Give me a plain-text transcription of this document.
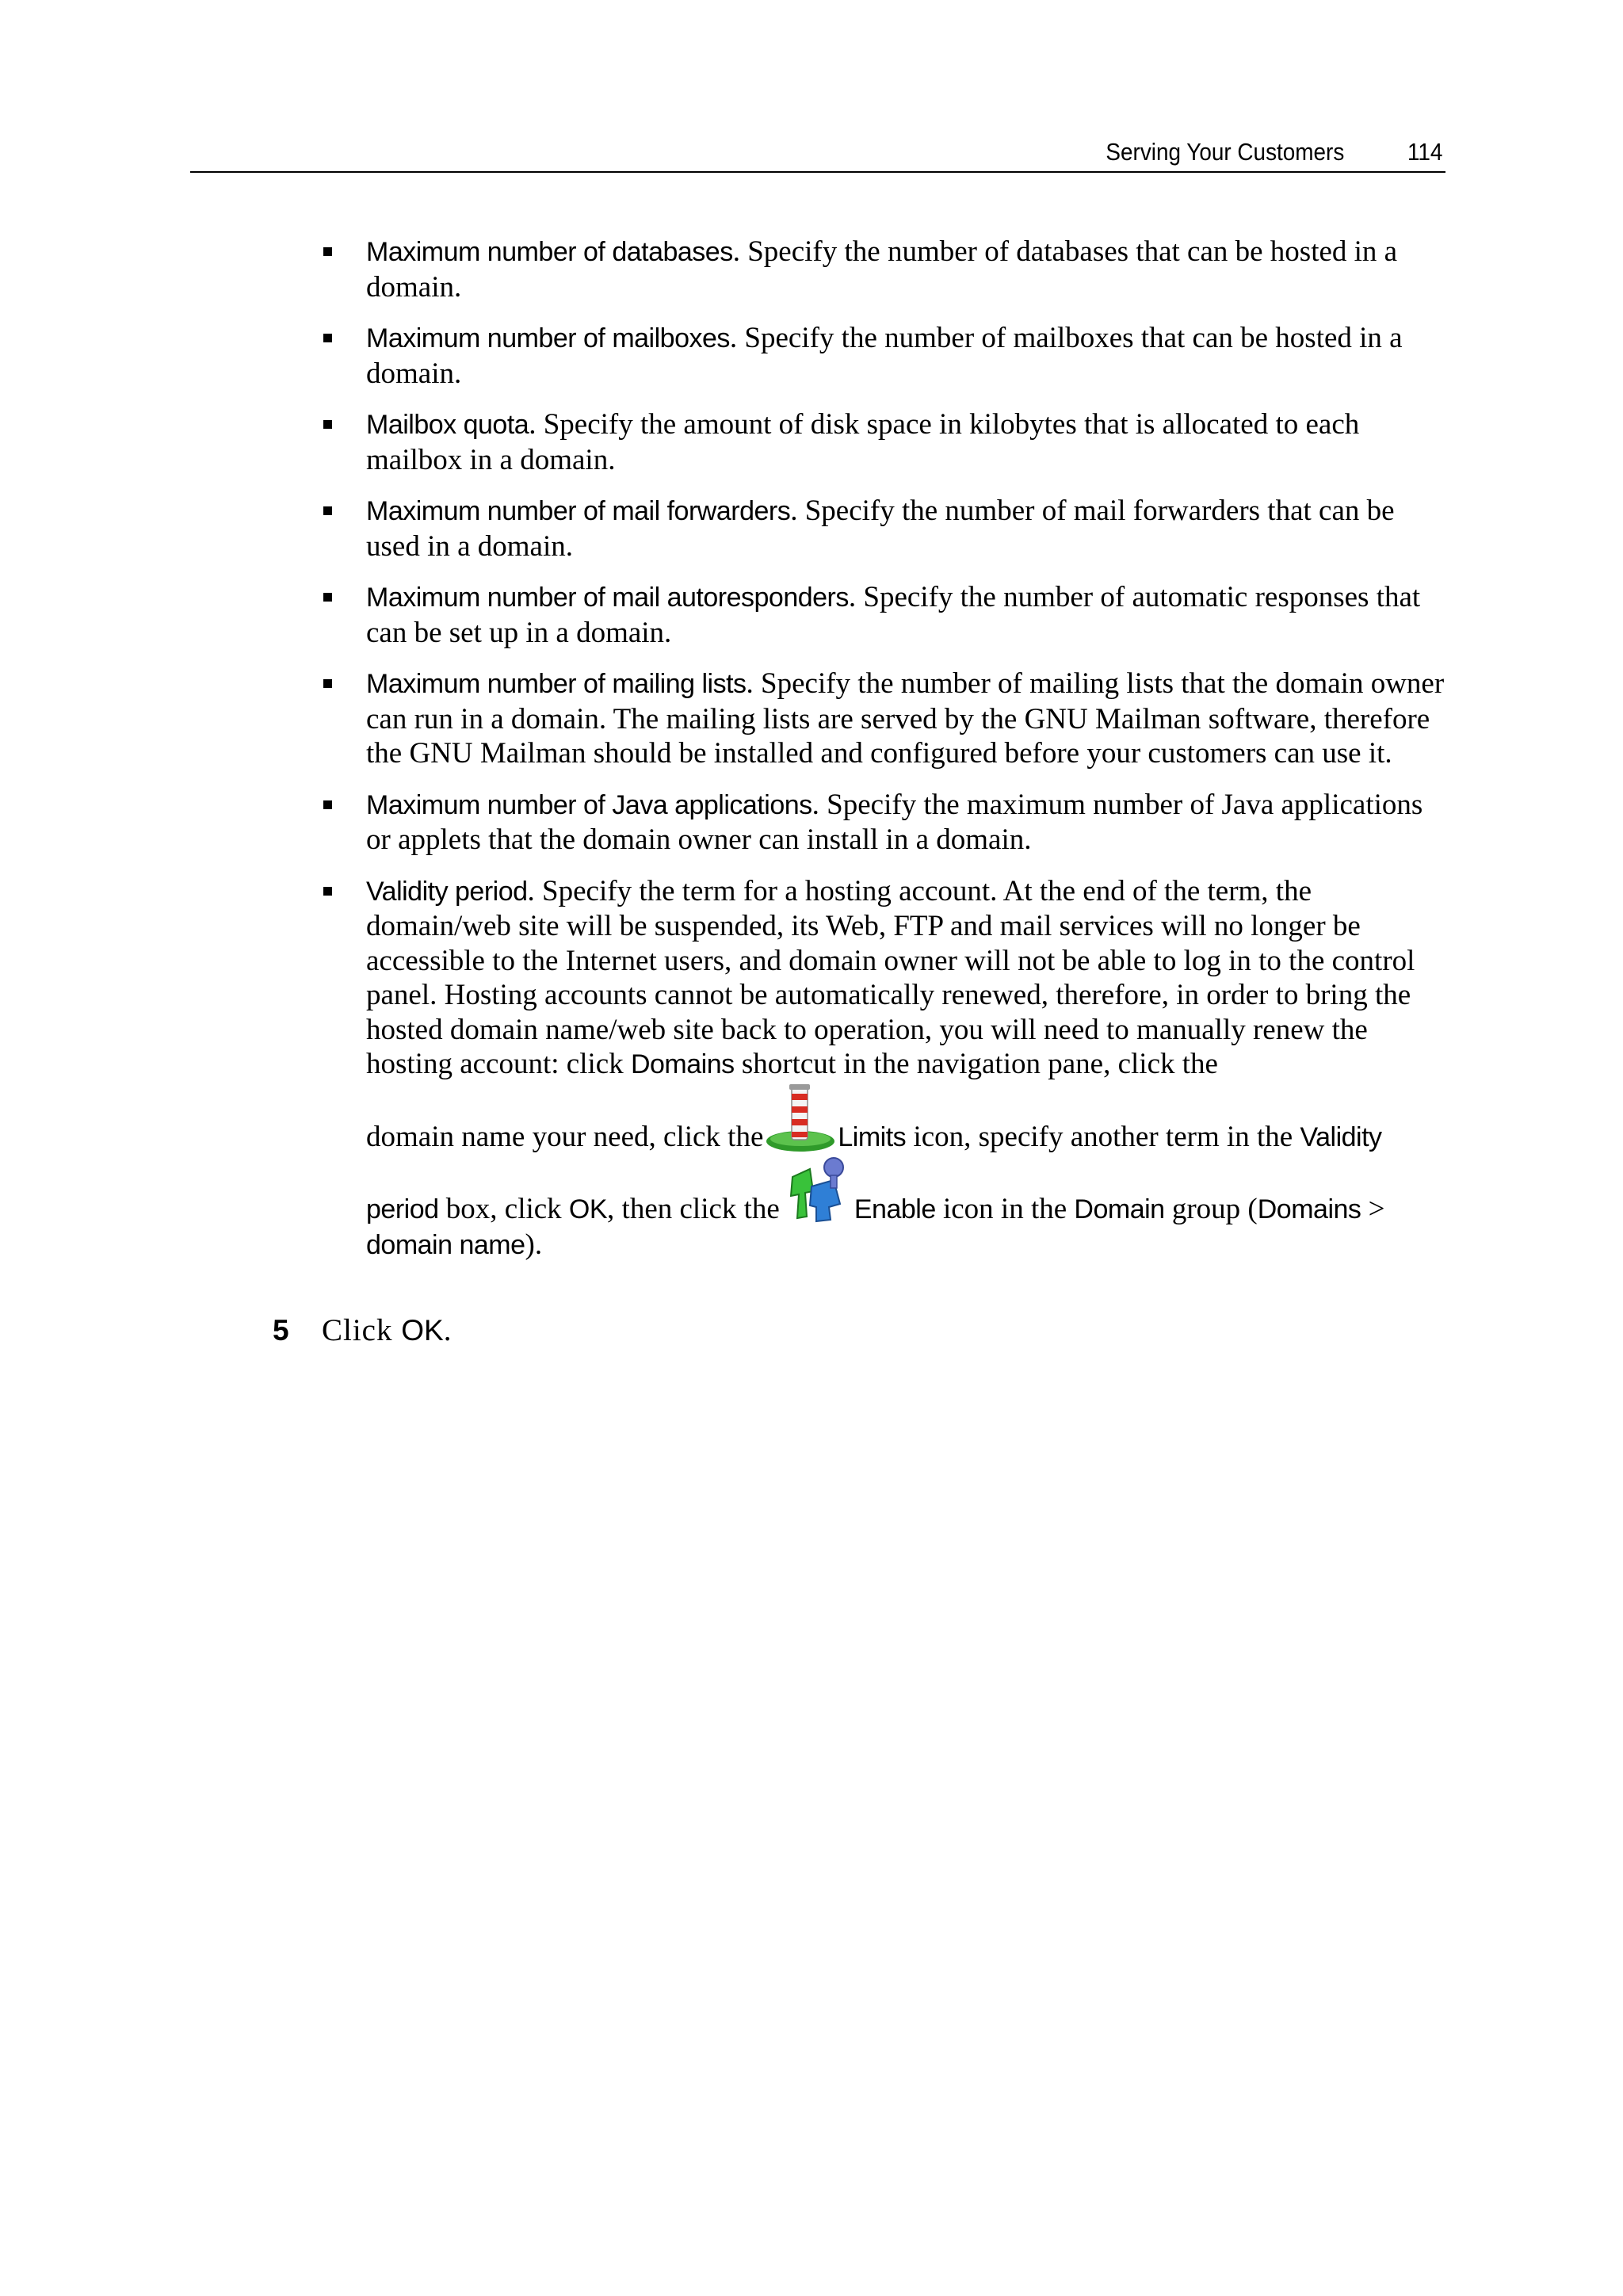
Serving Your Customers	114
Maximum number of databases. Specify the number of databases that can be hosted in a domain.
Maximum number of mailboxes. Specify the number of mailboxes that can be hosted in a domain.
Mailbox quota. Specify the amount of disk space in kilobytes that is allocated to each mailbox in a domain.
Maximum number of mail forwarders. Specify the number of mail forwarders that can be used in a domain.
Maximum number of mail autoresponders. Specify the number of automatic responses that can be set up in a domain.
Maximum number of mailing lists. Specify the number of mailing lists that the domain owner can run in a domain. The mailing lists are served by the GNU Mailman software, therefore the GNU Mailman should be installed and configured before your customers can use it.
Maximum number of Java applications. Specify the maximum number of Java applications or applets that the domain owner can install in a domain.
Validity period. Specify the term for a hosting account. At the end of the term, the domain/web site will be suspended, its Web, FTP and mail services will no longer be accessible to the Internet users, and domain owner will not be able to log in to the control panel. Hosting accounts cannot be automatically renewed, therefore, in order to bring the hosted domain name/web site back to operation, you will need to manually renew the hosting account: click Domains shortcut in the navigation pane, click the
domain name your need, click the	Limits icon, specify another term in the Validity
period box, click OK, then click the	Enable icon in the Domain group (Domains >
domain name).
5 Click OK.
